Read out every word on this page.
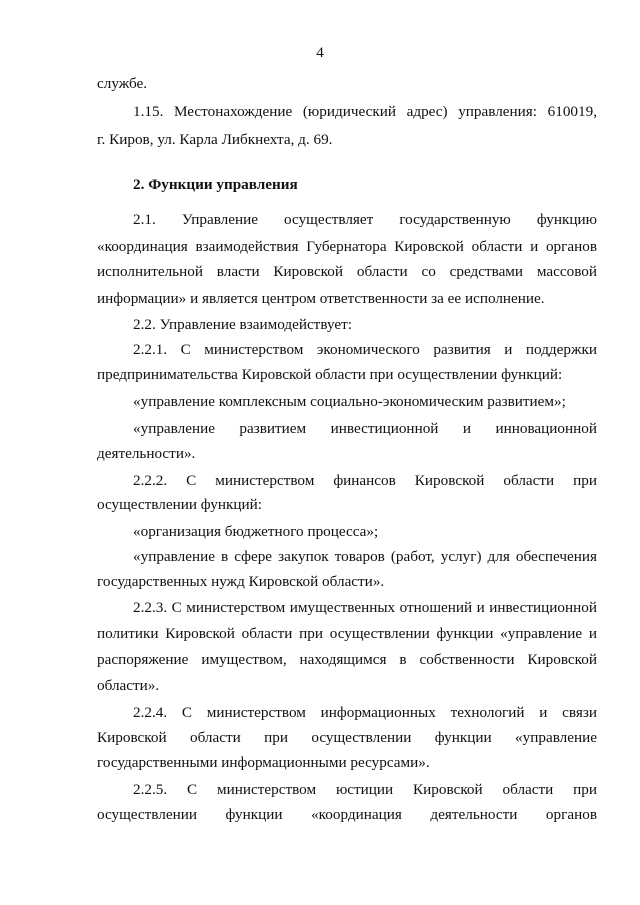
4
службе.
1.15. Местонахождение (юридический адрес) управления: 610019,
г. Киров, ул. Карла Либкнехта, д. 69.
2. Функции управления
2.1. Управление осуществляет государственную функцию
«координация взаимодействия Губернатора Кировской области и органов
исполнительной власти Кировской области со средствами массовой
информации» и является центром ответственности за ее исполнение.
2.2. Управление взаимодействует:
2.2.1. С министерством экономического развития и поддержки
предпринимательства Кировской области при осуществлении функций:
«управление комплексным социально-экономическим развитием»;
«управление развитием инвестиционной и инновационной
деятельности».
2.2.2. С министерством финансов Кировской области при
осуществлении функций:
«организация бюджетного процесса»;
«управление в сфере закупок товаров (работ, услуг) для обеспечения
государственных нужд Кировской области».
2.2.3. С министерством имущественных отношений и инвестиционной
политики Кировской области при осуществлении функции «управление и
распоряжение имуществом, находящимся в собственности Кировской
области».
2.2.4. С министерством информационных технологий и связи
Кировской области при осуществлении функции «управление
государственными информационными ресурсами».
2.2.5. С министерством юстиции Кировской области при
осуществлении функции «координация деятельности органов
